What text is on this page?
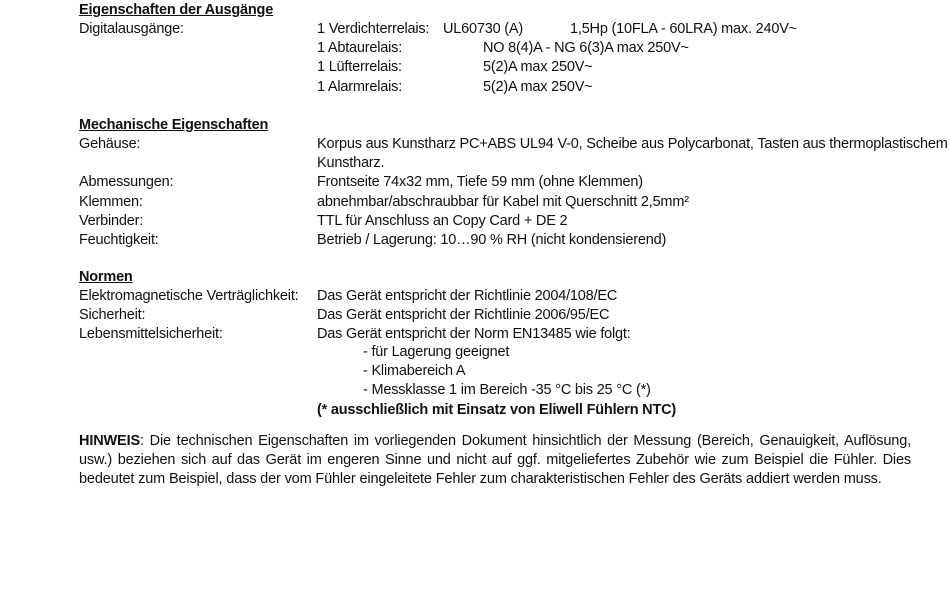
Eigenschaften der Ausgänge
Digitalausgänge:	1 Verdichterrelais: UL60730 (A)	1,5Hp (10FLA - 60LRA) max. 240V~
1 Abtaurelais:	NO 8(4)A - NG 6(3)A max 250V~
1 Lüfterrelais:	5(2)A max 250V~
1 Alarmrelais:	5(2)A max 250V~
Mechanische Eigenschaften
Gehäuse:	Korpus aus Kunstharz PC+ABS UL94 V-0, Scheibe aus Polycarbonat, Tasten aus thermoplastischem
Kunstharz.
Abmessungen:	Frontseite 74x32 mm, Tiefe 59 mm (ohne Klemmen)
Klemmen:	abnehmbar/abschraubbar für Kabel mit Querschnitt 2,5mm²
Verbinder:	TTL für Anschluss an Copy Card + DE 2
Feuchtigkeit:	Betrieb / Lagerung: 10…90 % RH (nicht kondensierend)
Normen
Elektromagnetische Verträglichkeit: Das Gerät entspricht der Richtlinie 2004/108/EC
Sicherheit:	Das Gerät entspricht der Richtlinie 2006/95/EC
Lebensmittelsicherheit:	Das Gerät entspricht der Norm EN13485 wie folgt:
- für Lagerung geeignet
- Klimabereich A
- Messklasse 1 im Bereich -35 °C bis 25 °C (*)
(* ausschließlich mit Einsatz von Eliwell Fühlern NTC)
HINWEIS: Die technischen Eigenschaften im vorliegenden Dokument hinsichtlich der Messung (Bereich, Genauigkeit, Auflösung, usw.) beziehen sich auf das Gerät im engeren Sinne und nicht auf ggf. mitgeliefertes Zubehör wie zum Beispiel die Fühler. Dies bedeutet zum Beispiel, dass der vom Fühler eingeleitete Fehler zum charakteristischen Fehler des Geräts addiert werden muss.
